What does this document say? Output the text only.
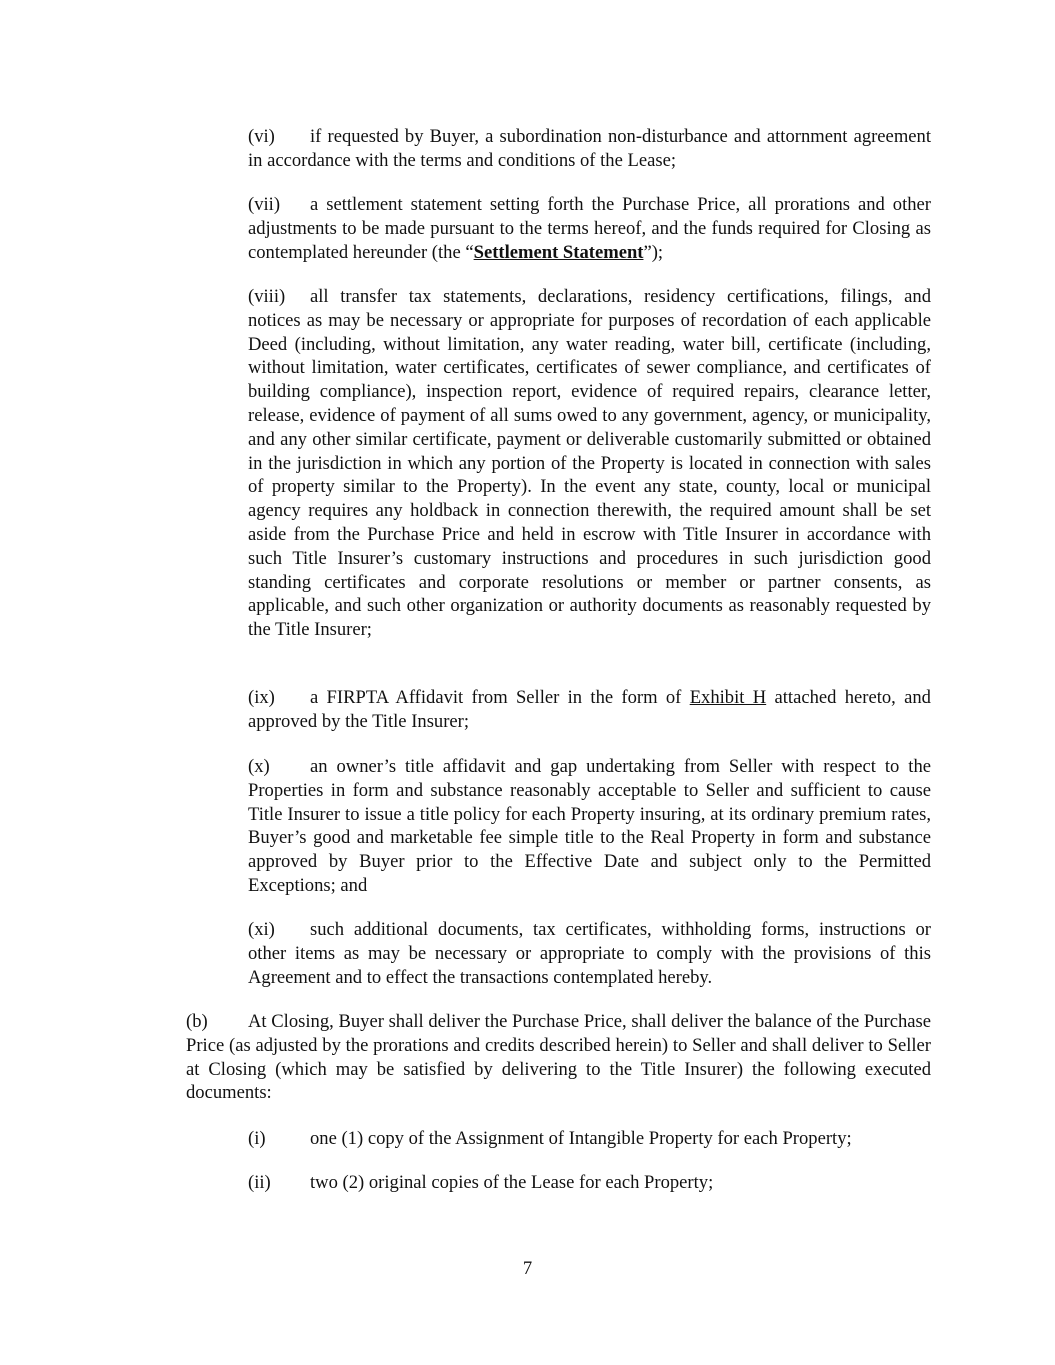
(vi) if requested by Buyer, a subordination non-disturbance and attornment agreement in accordance with the terms and conditions of the Lease;

(vii) a settlement statement setting forth the Purchase Price, all prorations and other adjustments to be made pursuant to the terms hereof, and the funds required for Closing as contemplated hereunder (the “Settlement Statement”);

(viii) all transfer tax statements, declarations, residency certifications, filings, and notices as may be necessary or appropriate for purposes of recordation of each applicable Deed (including, without limitation, any water reading, water bill, certificate (including, without limitation, water certificates, certificates of sewer compliance, and certificates of building compliance), inspection report, evidence of required repairs, clearance letter, release, evidence of payment of all sums owed to any government, agency, or municipality, and any other similar certificate, payment or deliverable customarily submitted or obtained in the jurisdiction in which any portion of the Property is located in connection with sales of property similar to the Property). In the event any state, county, local or municipal agency requires any holdback in connection therewith, the required amount shall be set aside from the Purchase Price and held in escrow with Title Insurer in accordance with such Title Insurer’s customary instructions and procedures in such jurisdiction good standing certificates and corporate resolutions or member or partner consents, as applicable, and such other organization or authority documents as reasonably requested by the Title Insurer;

(ix) a FIRPTA Affidavit from Seller in the form of Exhibit H attached hereto, and approved by the Title Insurer;

(x) an owner’s title affidavit and gap undertaking from Seller with respect to the Properties in form and substance reasonably acceptable to Seller and sufficient to cause Title Insurer to issue a title policy for each Property insuring, at its ordinary premium rates, Buyer’s good and marketable fee simple title to the Real Property in form and substance approved by Buyer prior to the Effective Date and subject only to the Permitted Exceptions; and

(xi) such additional documents, tax certificates, withholding forms, instructions or other items as may be necessary or appropriate to comply with the provisions of this Agreement and to effect the transactions contemplated hereby.

(b) At Closing, Buyer shall deliver the Purchase Price, shall deliver the balance of the Purchase Price (as adjusted by the prorations and credits described herein) to Seller and shall deliver to Seller at Closing (which may be satisfied by delivering to the Title Insurer) the following executed documents:

(i) one (1) copy of the Assignment of Intangible Property for each Property;

(ii) two (2) original copies of the Lease for each Property;

7
